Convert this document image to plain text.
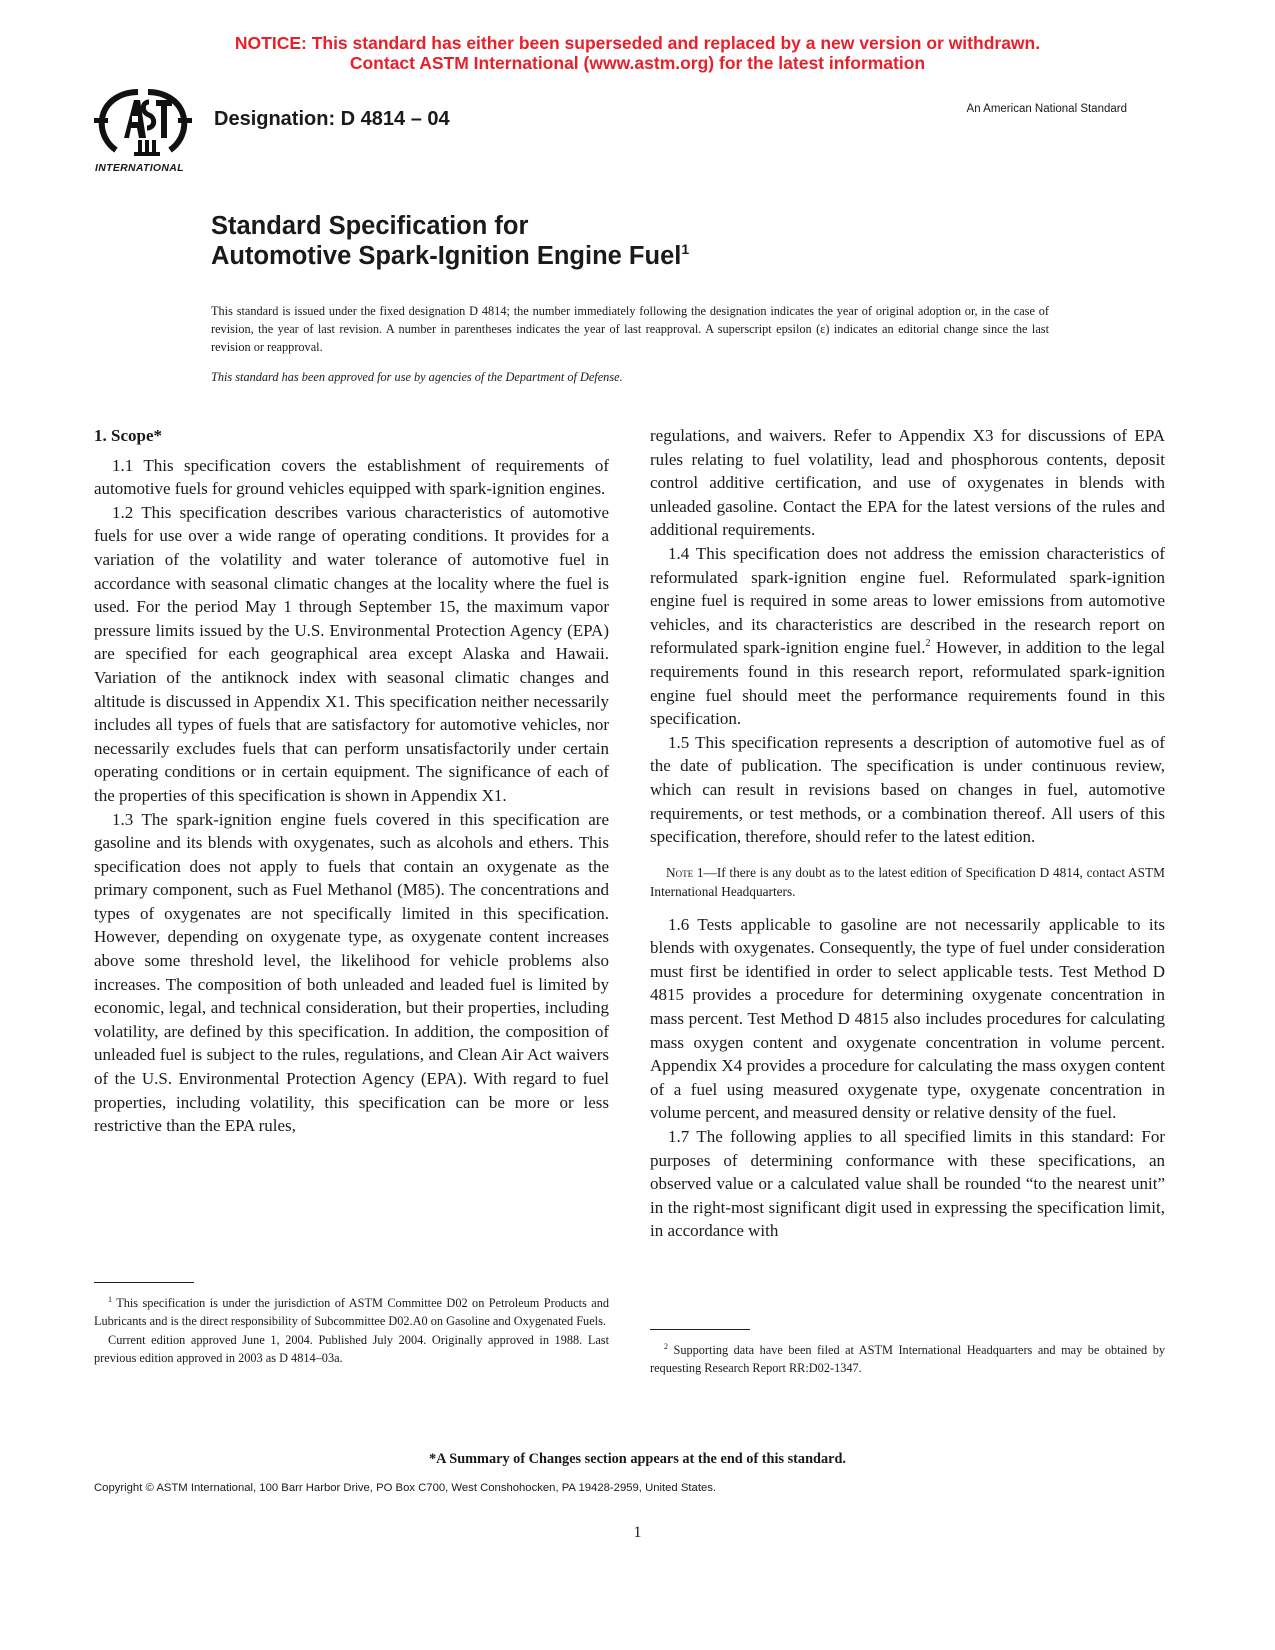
NOTICE: This standard has either been superseded and replaced by a new version or withdrawn.
Contact ASTM International (www.astm.org) for the latest information
INTERNATIONAL
Designation: D 4814 – 04	An American National Standard
Standard Specification for
Automotive Spark-Ignition Engine Fuel$^1$
This standard is issued under the fixed designation D 4814; the number immediately following the designation indicates the year of original adoption or, in the case of revision, the year of last revision. A number in parentheses indicates the year of last reapproval. A superscript epsilon (ε) indicates an editorial change since the last revision or reapproval.
This standard has been approved for use by agencies of the Department of Defense.
1. Scope*

1.1 This specification covers the establishment of requirements of automotive fuels for ground vehicles equipped with spark-ignition engines.

1.2 This specification describes various characteristics of automotive fuels for use over a wide range of operating conditions. It provides for a variation of the volatility and water tolerance of automotive fuel in accordance with seasonal climatic changes at the locality where the fuel is used. For the period May 1 through September 15, the maximum vapor pressure limits issued by the U.S. Environmental Protection Agency (EPA) are specified for each geographical area except Alaska and Hawaii. Variation of the antiknock index with seasonal climatic changes and altitude is discussed in Appendix X1. This specification neither necessarily includes all types of fuels that are satisfactory for automotive vehicles, nor necessarily excludes fuels that can perform unsatisfactorily under certain operating conditions or in certain equipment. The significance of each of the properties of this specification is shown in Appendix X1.

1.3 The spark-ignition engine fuels covered in this specification are gasoline and its blends with oxygenates, such as alcohols and ethers. This specification does not apply to fuels that contain an oxygenate as the primary component, such as Fuel Methanol (M85). The concentrations and types of oxygenates are not specifically limited in this specification. However, depending on oxygenate type, as oxygenate content increases above some threshold level, the likelihood for vehicle problems also increases. The composition of both unleaded and leaded fuel is limited by economic, legal, and technical consideration, but their properties, including volatility, are defined by this specification. In addition, the composition of unleaded fuel is subject to the rules, regulations, and Clean Air Act waivers of the U.S. Environmental Protection Agency (EPA). With regard to fuel properties, including volatility, this specification can be more or less restrictive than the EPA rules,

regulations, and waivers. Refer to Appendix X3 for discussions of EPA rules relating to fuel volatility, lead and phosphorous contents, deposit control additive certification, and use of oxygenates in blends with unleaded gasoline. Contact the EPA for the latest versions of the rules and additional requirements.

1.4 This specification does not address the emission characteristics of reformulated spark-ignition engine fuel. Reformulated spark-ignition engine fuel is required in some areas to lower emissions from automotive vehicles, and its characteristics are described in the research report on reformulated spark-ignition engine fuel.$^2$ However, in addition to the legal requirements found in this research report, reformulated spark-ignition engine fuel should meet the performance requirements found in this specification.

1.5 This specification represents a description of automotive fuel as of the date of publication. The specification is under continuous review, which can result in revisions based on changes in fuel, automotive requirements, or test methods, or a combination thereof. All users of this specification, therefore, should refer to the latest edition.

Note 1—If there is any doubt as to the latest edition of Specification D 4814, contact ASTM International Headquarters.

1.6 Tests applicable to gasoline are not necessarily applicable to its blends with oxygenates. Consequently, the type of fuel under consideration must first be identified in order to select applicable tests. Test Method D 4815 provides a procedure for determining oxygenate concentration in mass percent. Test Method D 4815 also includes procedures for calculating mass oxygen content and oxygenate concentration in volume percent. Appendix X4 provides a procedure for calculating the mass oxygen content of a fuel using measured oxygenate type, oxygenate concentration in volume percent, and measured density or relative density of the fuel.

1.7 The following applies to all specified limits in this standard: For purposes of determining conformance with these specifications, an observed value or a calculated value shall be rounded “to the nearest unit” in the right-most significant digit used in expressing the specification limit, in accordance with

$^1$ This specification is under the jurisdiction of ASTM Committee D02 on Petroleum Products and Lubricants and is the direct responsibility of Subcommittee D02.A0 on Gasoline and Oxygenated Fuels.

Current edition approved June 1, 2004. Published July 2004. Originally approved in 1988. Last previous edition approved in 2003 as D 4814–03a.

$^2$ Supporting data have been filed at ASTM International Headquarters and may be obtained by requesting Research Report RR:D02-1347.

*A Summary of Changes section appears at the end of this standard.
Copyright © ASTM International, 100 Barr Harbor Drive, PO Box C700, West Conshohocken, PA 19428-2959, United States.
1
